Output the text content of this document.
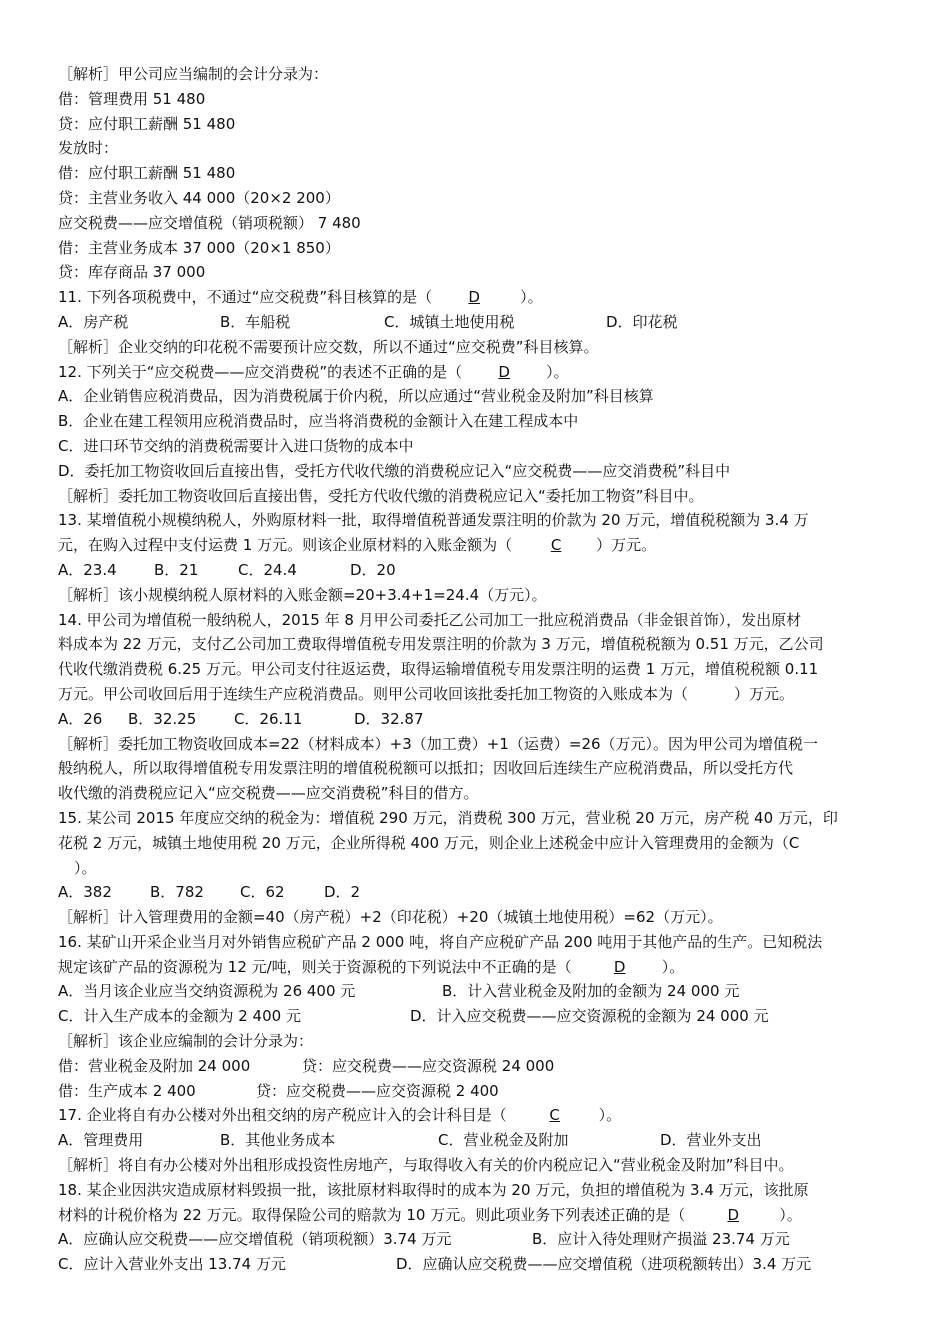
［解析］甲公司应当编制的会计分录为：
借：管理费用 51 480
贷：应付职工薪酬 51 480
发放时：
借：应付职工薪酬 51 480
贷：主营业务收入 44 000（20×2 200）
应交税费——应交增值税（销项税额） 7 480
借：主营业务成本 37 000（20×1 850）
贷：库存商品 37 000
11. 下列各项税费中，不通过“应交税费”科目核算的是（ D	）。
A．房产税	B．车船税	C．城镇土地使用税	D．印花税
［解析］企业交纳的印花税不需要预计应交数，所以不通过“应交税费”科目核算。
12. 下列关于“应交税费——应交消费税”的表述不正确的是（ D ）。
A．企业销售应税消费品，因为消费税属于价内税，所以应通过“营业税金及附加”科目核算
B．企业在建工程领用应税消费品时，应当将消费税的金额计入在建工程成本中
C．进口环节交纳的消费税需要计入进口货物的成本中
D．委托加工物资收回后直接出售，受托方代收代缴的消费税应记入“应交税费——应交消费税”科目中
［解析］委托加工物资收回后直接出售，受托方代收代缴的消费税应记入“委托加工物资”科目中。
13. 某增值税小规模纳税人，外购原材料一批，取得增值税普通发票注明的价款为 20 万元，增值税税额为 3.4 万
元，在购入过程中支付运费 1 万元。则该企业原材料的入账金额为（	C ）万元。
A．23.4 B．21	C．24.4	D．20
［解析］该小规模纳税人原材料的入账金额=20+3.4+1=24.4（万元）。
14. 甲公司为增值税一般纳税人，2015 年 8 月甲公司委托乙公司加工一批应税消费品（非金银首饰），发出原材
料成本为 22 万元，支付乙公司加工费取得增值税专用发票注明的价款为 3 万元，增值税税额为 0.51 万元，乙公司
代收代缴消费税 6.25 万元。甲公司支付往返运费，取得运输增值税专用发票注明的运费 1 万元，增值税税额 0.11
万元。甲公司收回后用于连续生产应税消费品。则甲公司收回该批委托加工物资的入账成本为（	）万元。
A．26 B．32.25	C．26.11	D．32.87
［解析］委托加工物资收回成本=22（材料成本）+3（加工费）+1（运费）=26（万元）。因为甲公司为增值税一
般纳税人，所以取得增值税专用发票注明的增值税税额可以抵扣；因收回后连续生产应税消费品，所以受托方代
收代缴的消费税应记入“应交税费——应交消费税”科目的借方。
15. 某公司 2015 年度应交纳的税金为：增值税 290 万元，消费税 300 万元，营业税 20 万元，房产税 40 万元，印
花税 2 万元，城镇土地使用税 20 万元，企业所得税 400 万元，则企业上述税金中应计入管理费用的金额为（C
）。
A．382	B．782 C．62	D．2
［解析］计入管理费用的金额=40（房产税）+2（印花税）+20（城镇土地使用税）=62（万元）。
16. 某矿山开采企业当月对外销售应税矿产品 2 000 吨，将自产应税矿产品 200 吨用于其他产品的生产。已知税法
规定该矿产品的资源税为 12 元/吨，则关于资源税的下列说法中不正确的是（	D ）。
A．当月该企业应当交纳资源税为 26 400 元	B．计入营业税金及附加的金额为 24 000 元
C．计入生产成本的金额为 2 400 元	D．计入应交税费——应交资源税的金额为 24 000 元
［解析］该企业应编制的会计分录为：
借：营业税金及附加 24 000	贷：应交税费——应交资源税 24 000
借：生产成本 2 400	贷：应交税费——应交资源税 2 400
17. 企业将自有办公楼对外出租交纳的房产税应计入的会计科目是（	C	）。
A．管理费用	B．其他业务成本	C．营业税金及附加	D．营业外支出
［解析］将自有办公楼对外出租形成投资性房地产，与取得收入有关的价内税应记入“营业税金及附加”科目中。
18. 某企业因洪灾造成原材料毁损一批，该批原材料取得时的成本为 20 万元，负担的增值税为 3.4 万元，该批原
材料的计税价格为 22 万元。取得保险公司的赔款为 10 万元。则此项业务下列表述正确的是（	D	）。
A．应确认应交税费——应交增值税（销项税额）3.74 万元	B．应计入待处理财产损溢 23.74 万元
C．应计入营业外支出 13.74 万元	D．应确认应交税费——应交增值税（进项税额转出）3.4 万元
